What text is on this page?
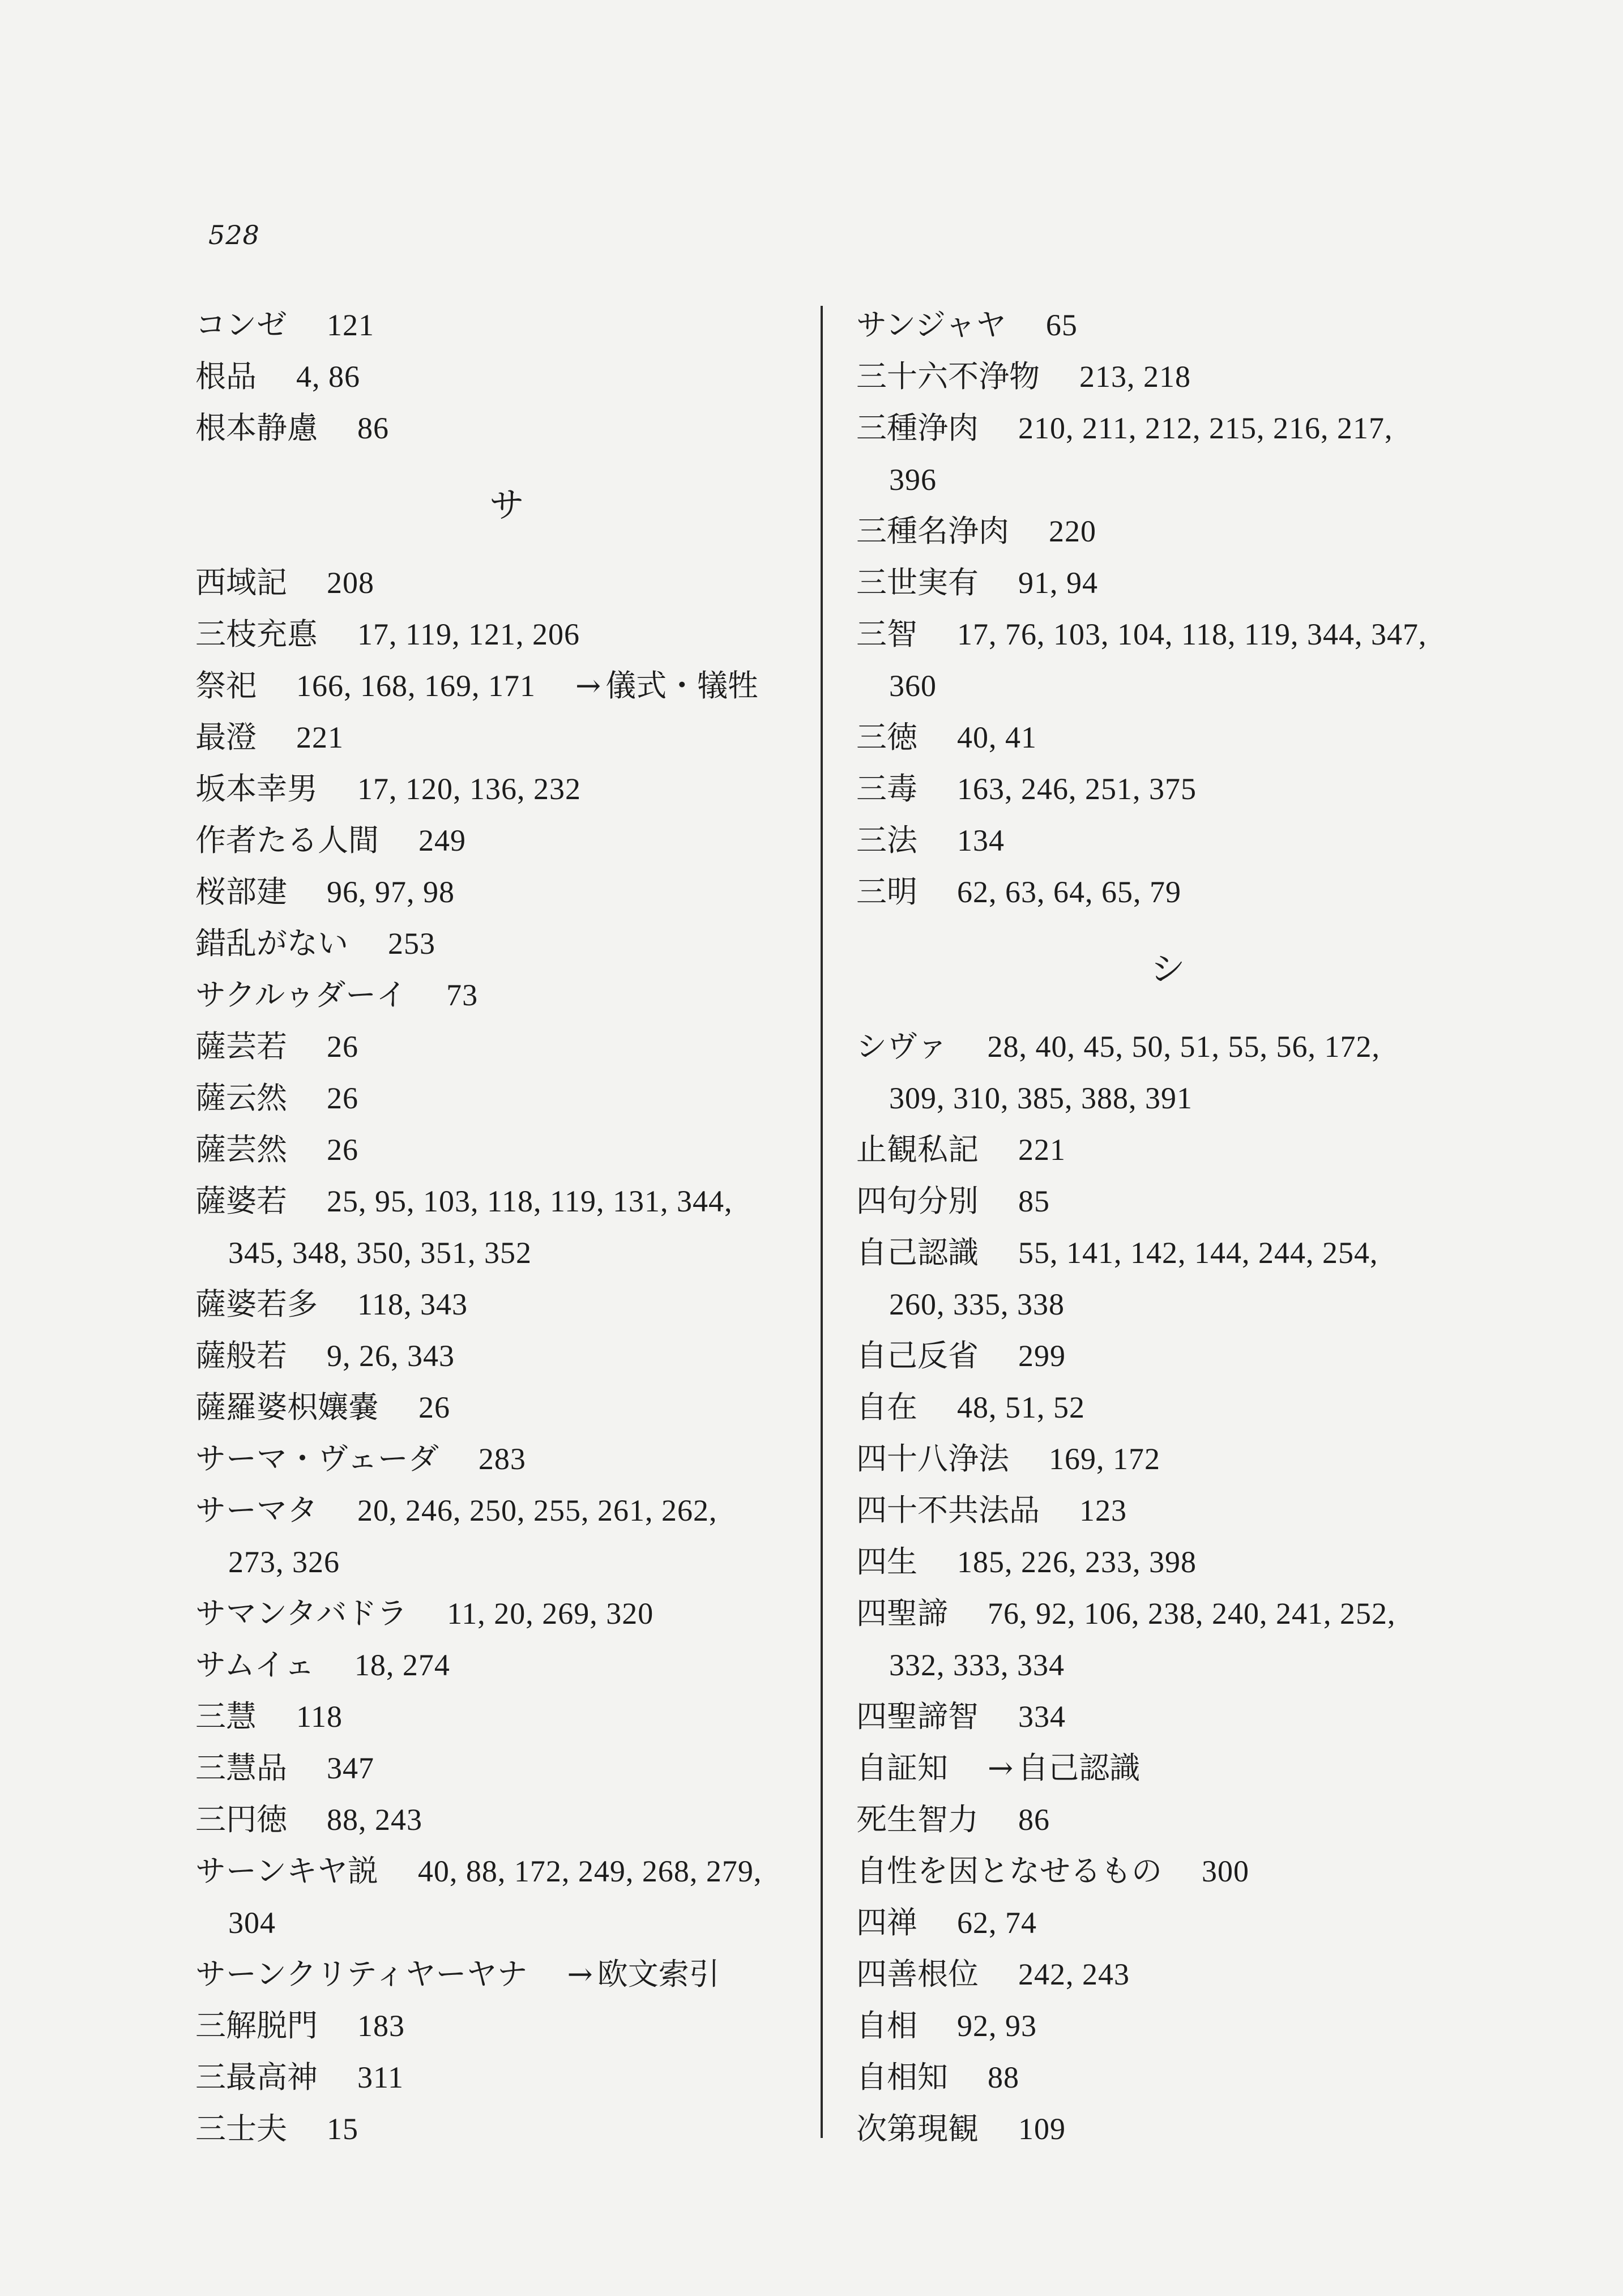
528
コンゼ 121
根品 4, 86
根本静慮 86
サ
西域記 208
三枝充悳 17, 119, 121, 206
祭祀 166, 168, 169, 171 → 儀式・犠牲
最澄 221
坂本幸男 17, 120, 136, 232
作者たる人間 249
桜部建 96, 97, 98
錯乱がない 253
サクルゥダーイ 73
薩芸若 26
薩云然 26
薩芸然 26
薩婆若 25, 95, 103, 118, 119, 131, 344,
345, 348, 350, 351, 352
薩婆若多 118, 343
薩般若 9, 26, 343
薩羅婆枳孃嚢 26
サーマ・ヴェーダ 283
サーマタ 20, 246, 250, 255, 261, 262,
273, 326
サマンタバドラ 11, 20, 269, 320
サムイェ 18, 274
三慧 118
三慧品 347
三円徳 88, 243
サーンキヤ説 40, 88, 172, 249, 268, 279,
304
サーンクリティヤーヤナ → 欧文索引
三解脱門 183
三最高神 311
三士夫 15
サンジャヤ 65
三十六不浄物 213, 218
三種浄肉 210, 211, 212, 215, 216, 217,
396
三種名浄肉 220
三世実有 91, 94
三智 17, 76, 103, 104, 118, 119, 344, 347,
360
三徳 40, 41
三毒 163, 246, 251, 375
三法 134
三明 62, 63, 64, 65, 79
シ
シヴァ 28, 40, 45, 50, 51, 55, 56, 172,
309, 310, 385, 388, 391
止観私記 221
四句分別 85
自己認識 55, 141, 142, 144, 244, 254,
260, 335, 338
自己反省 299
自在 48, 51, 52
四十八浄法 169, 172
四十不共法品 123
四生 185, 226, 233, 398
四聖諦 76, 92, 106, 238, 240, 241, 252,
332, 333, 334
四聖諦智 334
自証知 → 自己認識
死生智力 86
自性を因となせるもの 300
四禅 62, 74
四善根位 242, 243
自相 92, 93
自相知 88
次第現観 109
